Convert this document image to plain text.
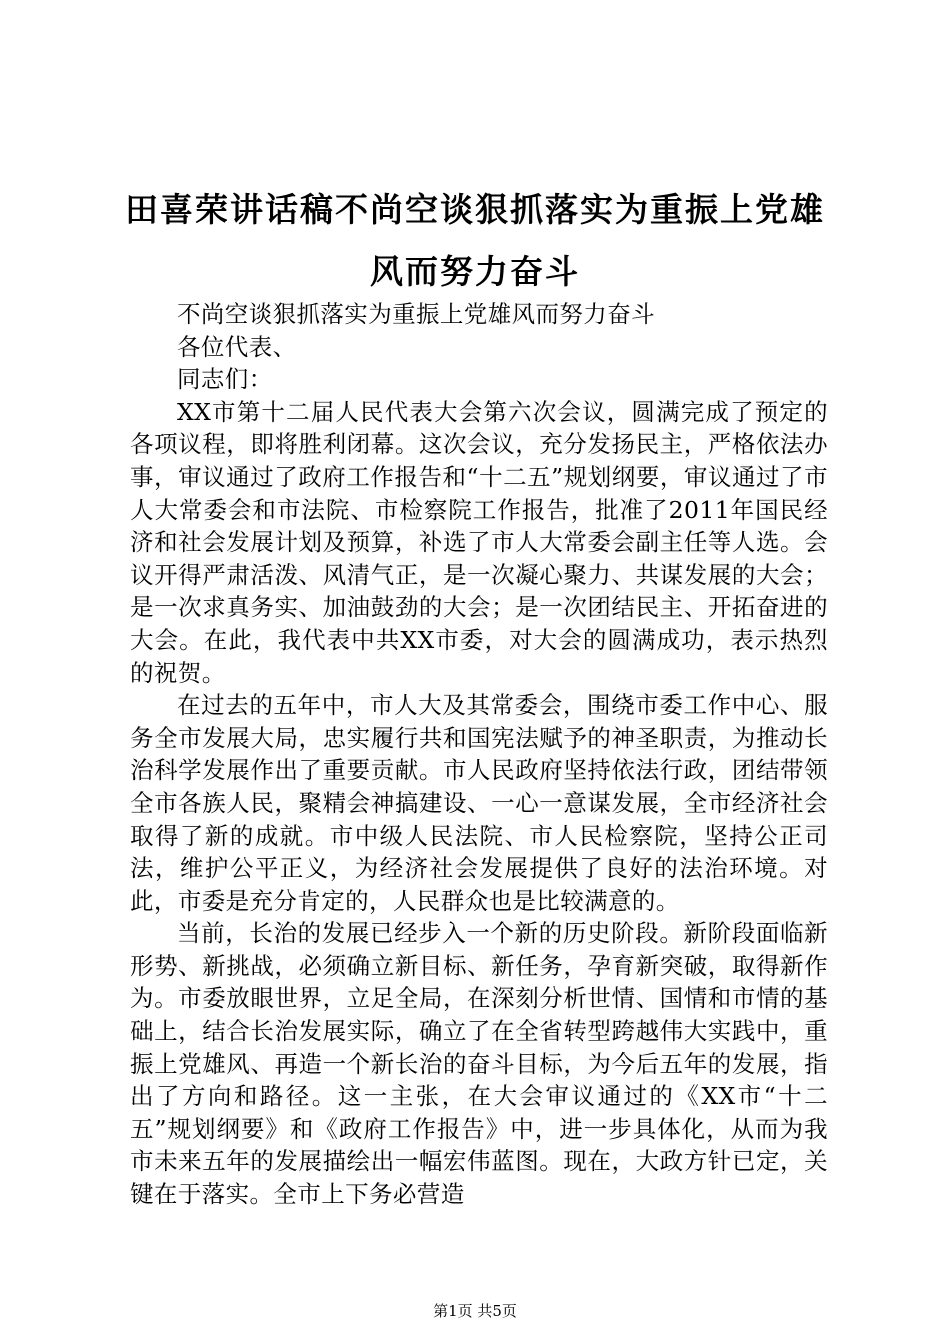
田喜荣讲话稿不尚空谈狠抓落实为重振上党雄
风而努力奋斗

不尚空谈狠抓落实为重振上党雄风而努力奋斗

各位代表、

同志们：

XX市第十二届人民代表大会第六次会议，圆满完成了预定的各项议程，即将胜利闭幕。这次会议，充分发扬民主，严格依法办事，审议通过了政府工作报告和“十二五”规划纲要，审议通过了市人大常委会和市法院、市检察院工作报告，批准了2011年国民经济和社会发展计划及预算，补选了市人大常委会副主任等人选。会议开得严肃活泼、风清气正，是一次凝心聚力、共谋发展的大会；是一次求真务实、加油鼓劲的大会；是一次团结民主、开拓奋进的大会。在此，我代表中共XX市委，对大会的圆满成功，表示热烈的祝贺。

在过去的五年中，市人大及其常委会，围绕市委工作中心、服务全市发展大局，忠实履行共和国宪法赋予的神圣职责，为推动长治科学发展作出了重要贡献。市人民政府坚持依法行政，团结带领全市各族人民，聚精会神搞建设、一心一意谋发展，全市经济社会取得了新的成就。市中级人民法院、市人民检察院，坚持公正司法，维护公平正义，为经济社会发展提供了良好的法治环境。对此，市委是充分肯定的，人民群众也是比较满意的。

当前，长治的发展已经步入一个新的历史阶段。新阶段面临新形势、新挑战，必须确立新目标、新任务，孕育新突破，取得新作为。市委放眼世界，立足全局，在深刻分析世情、国情和市情的基础上，结合长治发展实际，确立了在全省转型跨越伟大实践中，重振上党雄风、再造一个新长治的奋斗目标，为今后五年的发展，指出了方向和路径。这一主张，在大会审议通过的《XX市“十二五”规划纲要》和《政府工作报告》中，进一步具体化，从而为我市未来五年的发展描绘出一幅宏伟蓝图。现在，大政方针已定，关键在于落实。全市上下务必营造

第1页 共5页
